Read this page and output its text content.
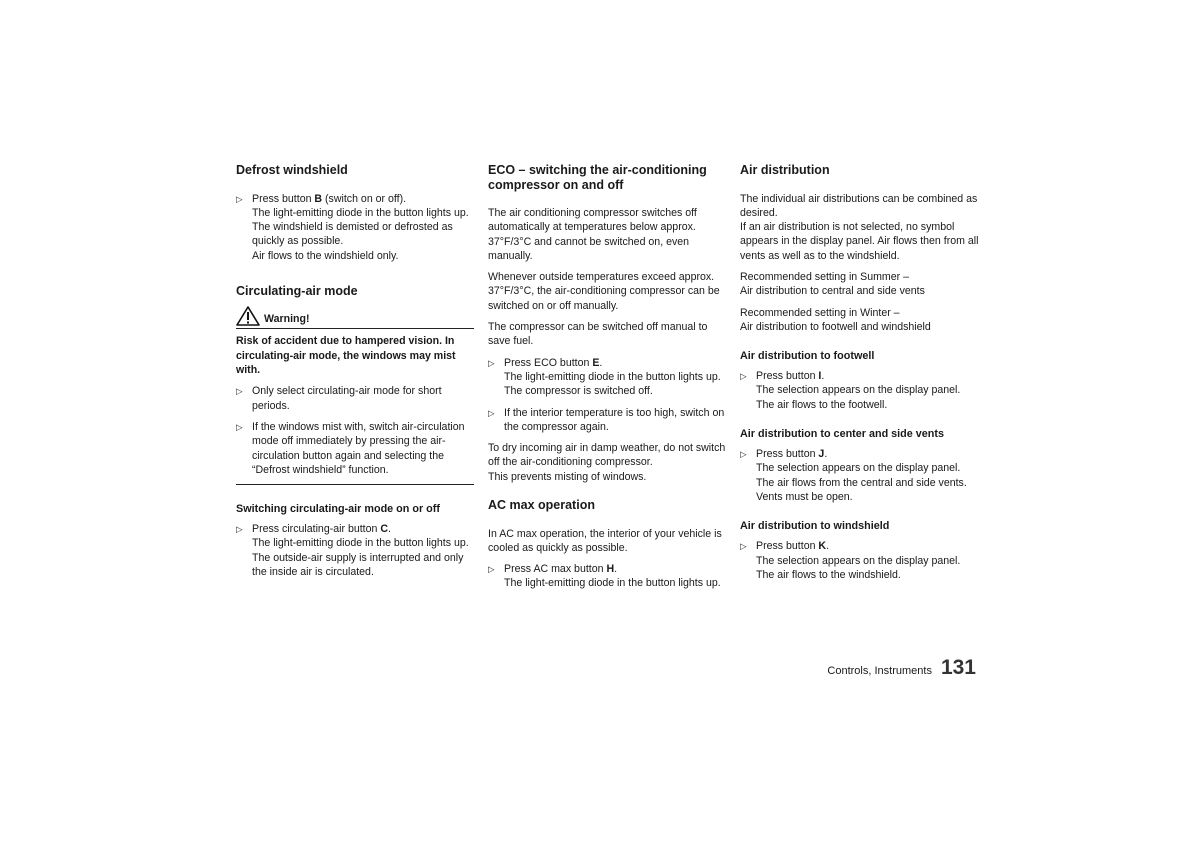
Defrost windshield
▷ Press button B (switch on or off).
The light-emitting diode in the button lights up.
The windshield is demisted or defrosted as quickly as possible.
Air flows to the windshield only.
Circulating-air mode
Warning!
Risk of accident due to hampered vision. In circulating-air mode, the windows may mist with.
▷ Only select circulating-air mode for short periods.
▷ If the windows mist with, switch air-circulation mode off immediately by pressing the air-circulation button again and selecting the “Defrost windshield” function.
Switching circulating-air mode on or off
▷ Press circulating-air button C.
The light-emitting diode in the button lights up.
The outside-air supply is interrupted and only the inside air is circulated.
ECO – switching the air-conditioning compressor on and off

The air conditioning compressor switches off automatically at temperatures below approx. 37°F/3°C and cannot be switched on, even manually.

Whenever outside temperatures exceed approx. 37°F/3°C, the air-conditioning compressor can be switched on or off manually.

The compressor can be switched off manual to save fuel.

▷ Press ECO button E.
The light-emitting diode in the button lights up.
The compressor is switched off.
▷ If the interior temperature is too high, switch on the compressor again.

To dry incoming air in damp weather, do not switch off the air-conditioning compressor.
This prevents misting of windows.

AC max operation

In AC max operation, the interior of your vehicle is cooled as quickly as possible.

▷ Press AC max button H.
The light-emitting diode in the button lights up.
Air distribution

The individual air distributions can be combined as desired.
If an air distribution is not selected, no symbol appears in the display panel. Air flows then from all vents as well as to the windshield.

Recommended setting in Summer –
Air distribution to central and side vents

Recommended setting in Winter –
Air distribution to footwell and windshield

Air distribution to footwell
▷ Press button I.
The selection appears on the display panel.
The air flows to the footwell.
Air distribution to center and side vents
▷ Press button J.
The selection appears on the display panel.
The air flows from the central and side vents.
Vents must be open.
Air distribution to windshield
▷ Press button K.
The selection appears on the display panel.
The air flows to the windshield.
Controls, Instruments 131
